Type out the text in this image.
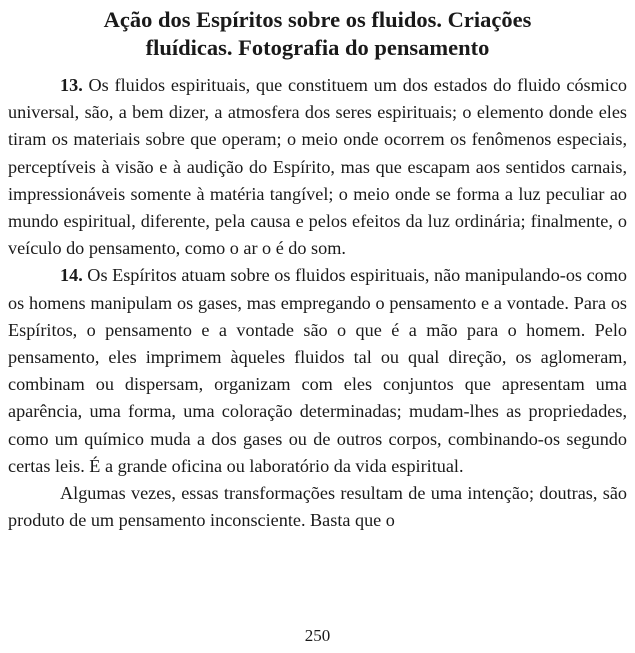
Ação dos Espíritos sobre os fluidos. Criações
fluídicas. Fotografia do pensamento

13. Os fluidos espirituais, que constituem um dos estados do fluido cósmico universal, são, a bem dizer, a atmosfera dos seres espirituais; o elemento donde eles tiram os materiais sobre que operam; o meio onde ocorrem os fenômenos especiais, perceptíveis à visão e à audição do Espírito, mas que escapam aos sentidos carnais, impressionáveis somente à matéria tangível; o meio onde se forma a luz peculiar ao mundo espiritual, diferente, pela causa e pelos efeitos da luz ordinária; finalmente, o veículo do pensamento, como o ar o é do som.

14. Os Espíritos atuam sobre os fluidos espirituais, não manipulando-os como os homens manipulam os gases, mas empregando o pensamento e a vontade. Para os Espíritos, o pensamento e a vontade são o que é a mão para o homem. Pelo pensamento, eles imprimem àqueles fluidos tal ou qual direção, os aglomeram, combinam ou dispersam, organizam com eles conjuntos que apresentam uma aparência, uma forma, uma coloração determinadas; mudam-lhes as propriedades, como um químico muda a dos gases ou de outros corpos, combinando-os segundo certas leis. É a grande oficina ou laboratório da vida espiritual.

Algumas vezes, essas transformações resultam de uma intenção; doutras, são produto de um pensamento inconsciente. Basta que o

250
